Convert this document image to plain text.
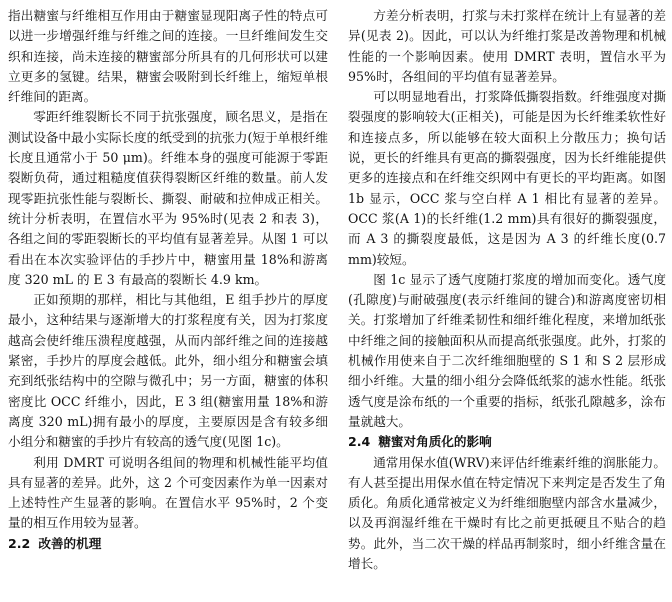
指出糖蜜与纤维相互作用由于糖蜜显现阳离子性的特点可以进一步增强纤维与纤维之间的连接。一旦纤维间发生交织和连接，尚未连接的糖蜜部分所具有的几何形状可以建立更多的氢键。结果，糖蜜会吸附到长纤维上，缩短单根纤维间的距离。

零距纤维裂断长不同于抗张强度，顾名思义，是指在测试设备中最小实际长度的纸受到的抗张力(短于单根纤维长度且通常小于 50 μm)。纤维本身的强度可能源于零距裂断负荷，通过粗糙度值获得裂断区纤维的数量。前人发现零距抗张性能与裂断长、撕裂、耐破和拉伸成正相关。统计分析表明，在置信水平为 95%时(见表 2 和表 3)，各组之间的零距裂断长的平均值有显著差异。从图 1 可以看出在本次实验评估的手抄片中，糖蜜用量 18%和游离度 320 mL 的 E 3 有最高的裂断长 4.9 km。

正如预期的那样，相比与其他组，E 组手抄片的厚度最小，这种结果与逐渐增大的打浆程度有关，因为打浆度越高会使纤维压溃程度越强，从而内部纤维之间的连接越紧密，手抄片的厚度会越低。此外，细小组分和糖蜜会填充到纸张结构中的空隙与微孔中；另一方面，糖蜜的体积密度比 OCC 纤维小，因此，E 3 组(糖蜜用量 18%和游离度 320 mL)拥有最小的厚度，主要原因是含有较多细小组分和糖蜜的手抄片有较高的透气度(见图 1c)。

利用 DMRT 可说明各组间的物理和机械性能平均值具有显著的差异。此外，这 2 个可变因素作为单一因素对上述特性产生显著的影响。在置信水平 95%时，2 个变量的相互作用较为显著。

2.2 改善的机理

方差分析表明，打浆与未打浆样在统计上有显著的差异(见表 2)。因此，可以认为纤维打浆是改善物理和机械性能的一个影响因素。使用 DMRT 表明，置信水平为 95%时，各组间的平均值有显著差异。

可以明显地看出，打浆降低撕裂指数。纤维强度对撕裂强度的影响较大(正相关)，可能是因为长纤维柔软性好和连接点多，所以能够在较大面积上分散压力；换句话说，更长的纤维具有更高的撕裂强度，因为长纤维能提供更多的连接点和在纤维交织网中有更长的平均距离。如图 1b 显示，OCC 浆与空白样 A 1 相比有显著的差异。OCC 浆(A 1)的长纤维(1.2 mm)具有很好的撕裂强度，而 A 3 的撕裂度最低，这是因为 A 3 的纤维长度(0.7 mm)较短。

图 1c 显示了透气度随打浆度的增加而变化。透气度(孔隙度)与耐破强度(表示纤维间的键合)和游离度密切相关。打浆增加了纤维柔韧性和细纤维化程度，来增加纸张中纤维之间的接触面积从而提高纸张强度。此外，打浆的机械作用使来自于二次纤维细胞壁的 S 1 和 S 2 层形成细小纤维。大量的细小组分会降低纸浆的滤水性能。纸张透气度是涂布纸的一个重要的指标，纸张孔隙越多，涂布量就越大。

2.4 糖蜜对角质化的影响

通常用保水值(WRV)来评估纤维素纤维的润胀能力。有人甚至提出用保水值在特定情况下来判定是否发生了角质化。角质化通常被定义为纤维细胞壁内部含水量减少，以及再润湿纤维在干燥时有比之前更抵硬且不贴合的趋势。此外，当二次干燥的样品再制浆时，细小纤维含量在增长。
